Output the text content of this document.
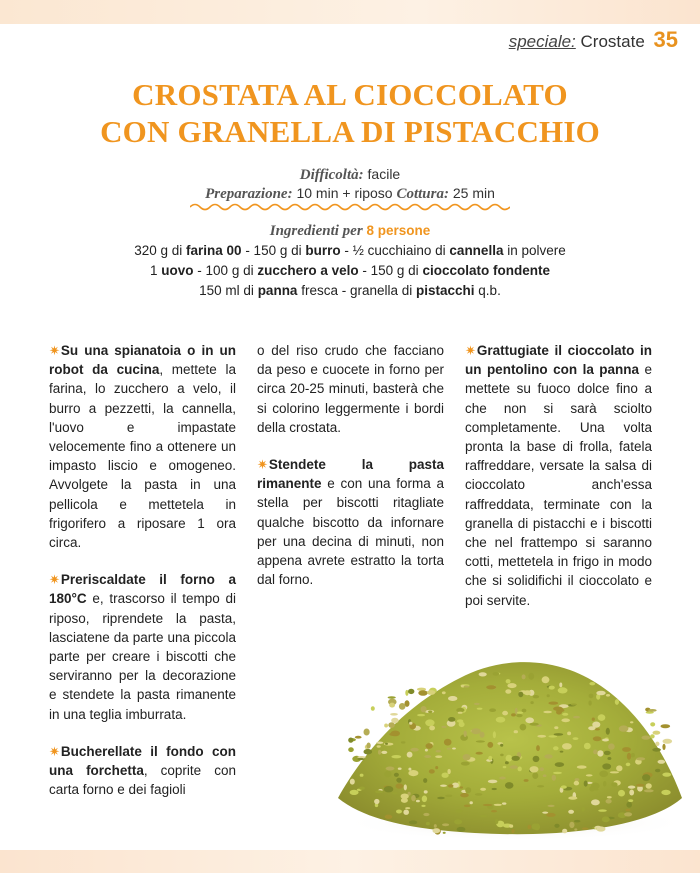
speciale: Crostate 35
CROSTATA AL CIOCCOLATO
CON GRANELLA DI PISTACCHIO
Difficoltà: facile
Preparazione: 10 min + riposo Cottura: 25 min
Ingredienti per 8 persone
320 g di farina 00 - 150 g di burro - ½ cucchiaino di cannella in polvere
1 uovo - 100 g di zucchero a velo - 150 g di cioccolato fondente
150 ml di panna fresca - granella di pistacchi q.b.

✷Su una spianatoia o in un robot da cucina, mettete la farina, lo zucchero a velo, il burro a pezzetti, la cannella, l'uovo e impastate velocemente fino a ottenere un impasto liscio e omogeneo. Avvolgete la pasta in una pellicola e mettetela in frigorifero a riposare 1 ora circa.

✷Preriscaldate il forno a 180°C e, trascorso il tempo di riposo, riprendete la pasta, lasciatene da parte una piccola parte per creare i biscotti che serviranno per la decorazione e stendete la pasta rimanente in una teglia imburrata.

✷Bucherellate il fondo con una forchetta, coprite con carta forno e dei fagioli

o del riso crudo che facciano da peso e cuocete in forno per circa 20-25 minuti, basterà che si colorino leggermente i bordi della crostata.

✷Stendete la pasta rimanente e con una forma a stella per biscotti ritagliate qualche biscotto da infornare per una decina di minuti, non appena avrete estratto la torta dal forno.

✷Grattugiate il cioccolato in un pentolino con la panna e mettete su fuoco dolce fino a che non si sarà sciolto completamente. Una volta pronta la base di frolla, fatela raffreddare, versate la salsa di cioccolato anch'essa raffreddata, terminate con la granella di pistacchi e i biscotti che nel frattempo si saranno cotti, mettetela in frigo in modo che si solidifichi il cioccolato e poi servite.
